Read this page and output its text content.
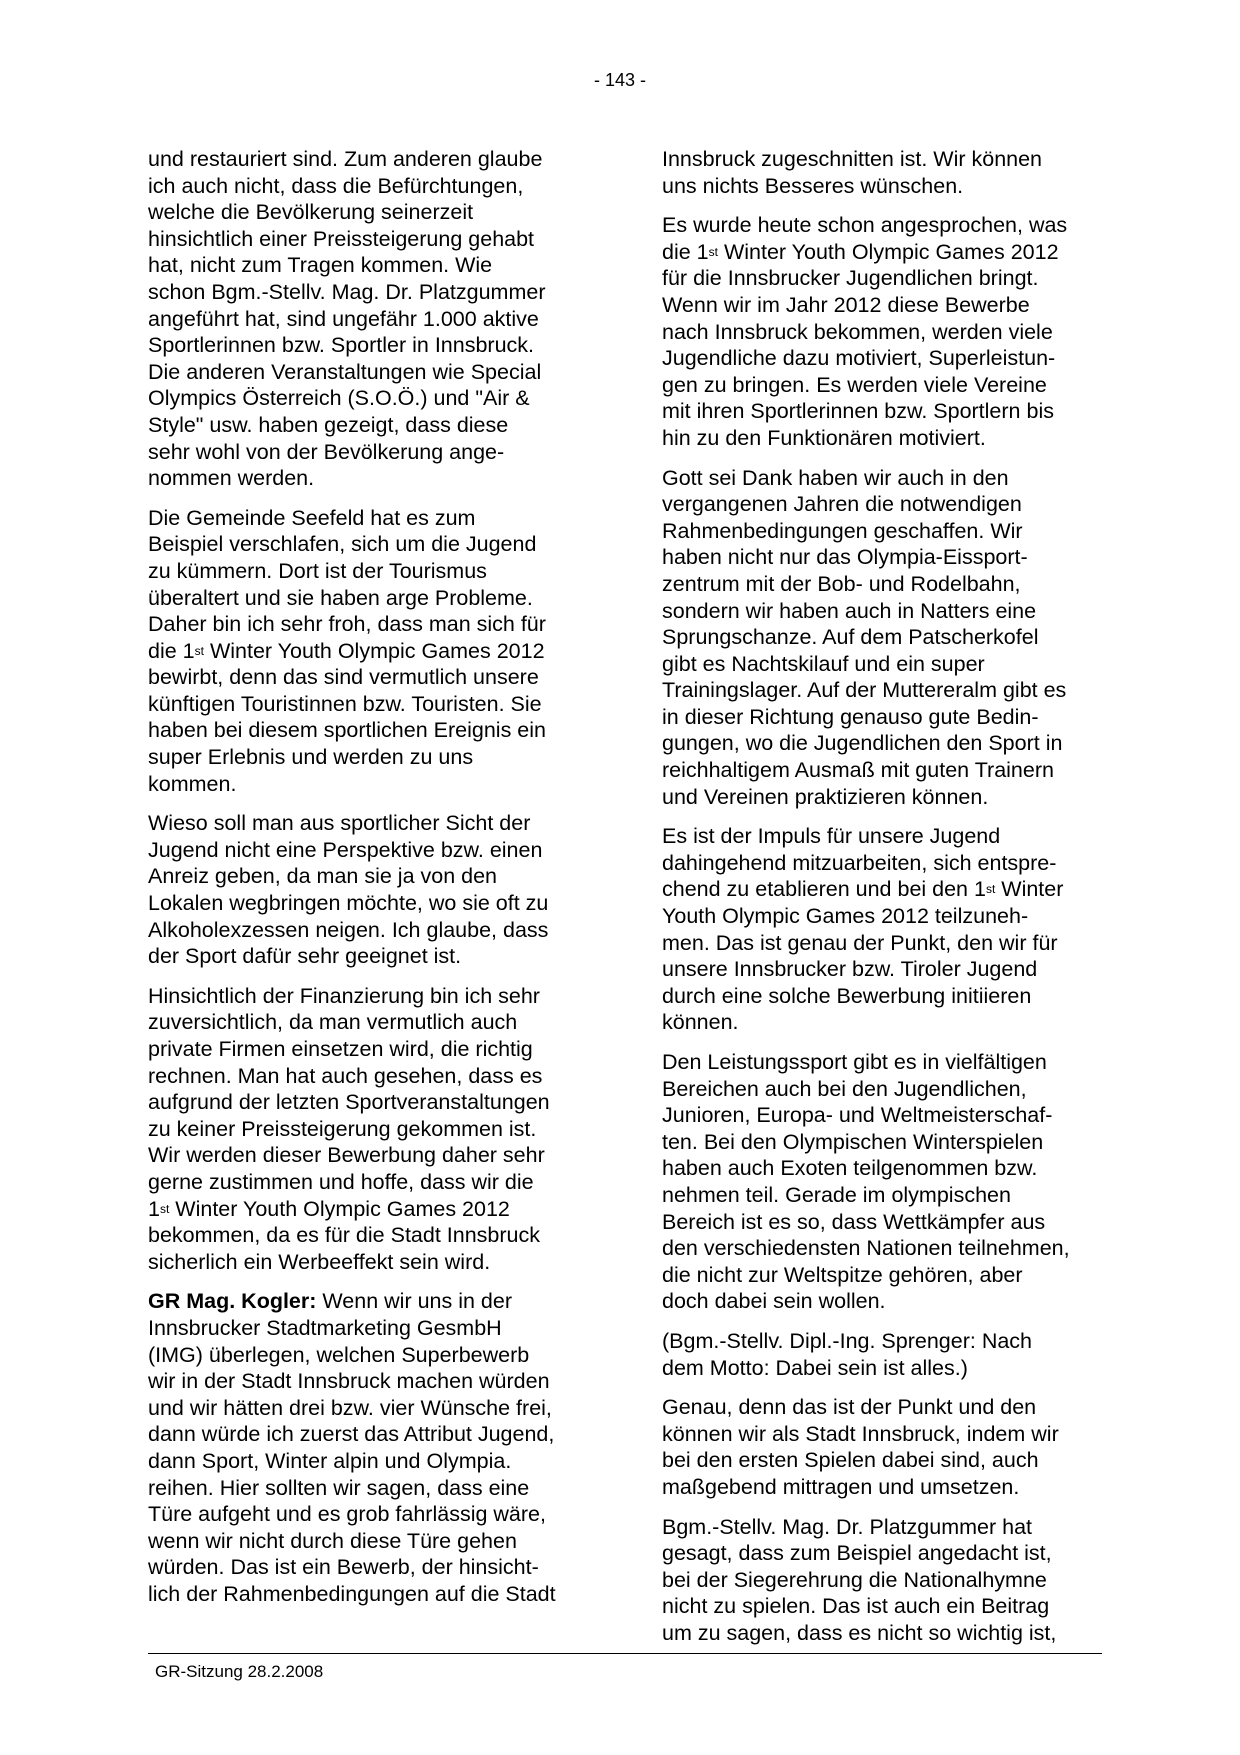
- 143 -

und restauriert sind. Zum anderen glaube
ich auch nicht, dass die Befürchtungen,
welche die Bevölkerung seinerzeit
hinsichtlich einer Preissteigerung gehabt
hat, nicht zum Tragen kommen. Wie
schon Bgm.-Stellv. Mag. Dr. Platzgummer
angeführt hat, sind ungefähr 1.000 aktive
Sportlerinnen bzw. Sportler in Innsbruck.
Die anderen Veranstaltungen wie Special
Olympics Österreich (S.O.Ö.) und "Air &
Style" usw. haben gezeigt, dass diese
sehr wohl von der Bevölkerung ange-
nommen werden.

Die Gemeinde Seefeld hat es zum
Beispiel verschlafen, sich um die Jugend
zu kümmern. Dort ist der Tourismus
überaltert und sie haben arge Probleme.
Daher bin ich sehr froh, dass man sich für
die 1st Winter Youth Olympic Games 2012
bewirbt, denn das sind vermutlich unsere
künftigen Touristinnen bzw. Touristen. Sie
haben bei diesem sportlichen Ereignis ein
super Erlebnis und werden zu uns
kommen.

Wieso soll man aus sportlicher Sicht der
Jugend nicht eine Perspektive bzw. einen
Anreiz geben, da man sie ja von den
Lokalen wegbringen möchte, wo sie oft zu
Alkoholexzessen neigen. Ich glaube, dass
der Sport dafür sehr geeignet ist.

Hinsichtlich der Finanzierung bin ich sehr
zuversichtlich, da man vermutlich auch
private Firmen einsetzen wird, die richtig
rechnen. Man hat auch gesehen, dass es
aufgrund der letzten Sportveranstaltungen
zu keiner Preissteigerung gekommen ist.
Wir werden dieser Bewerbung daher sehr
gerne zustimmen und hoffe, dass wir die
1st Winter Youth Olympic Games 2012
bekommen, da es für die Stadt Innsbruck
sicherlich ein Werbeeffekt sein wird.

GR Mag. Kogler: Wenn wir uns in der
Innsbrucker Stadtmarketing GesmbH
(IMG) überlegen, welchen Superbewerb
wir in der Stadt Innsbruck machen würden
und wir hätten drei bzw. vier Wünsche frei,
dann würde ich zuerst das Attribut Jugend,
dann Sport, Winter alpin und Olympia.
reihen. Hier sollten wir sagen, dass eine
Türe aufgeht und es grob fahrlässig wäre,
wenn wir nicht durch diese Türe gehen
würden. Das ist ein Bewerb, der hinsicht-
lich der Rahmenbedingungen auf die Stadt

Innsbruck zugeschnitten ist. Wir können
uns nichts Besseres wünschen.

Es wurde heute schon angesprochen, was
die 1st Winter Youth Olympic Games 2012
für die Innsbrucker Jugendlichen bringt.
Wenn wir im Jahr 2012 diese Bewerbe
nach Innsbruck bekommen, werden viele
Jugendliche dazu motiviert, Superleistun-
gen zu bringen. Es werden viele Vereine
mit ihren Sportlerinnen bzw. Sportlern bis
hin zu den Funktionären motiviert.

Gott sei Dank haben wir auch in den
vergangenen Jahren die notwendigen
Rahmenbedingungen geschaffen. Wir
haben nicht nur das Olympia-Eissport-
zentrum mit der Bob- und Rodelbahn,
sondern wir haben auch in Natters eine
Sprungschanze. Auf dem Patscherkofel
gibt es Nachtskilauf und ein super
Trainingslager. Auf der Muttereralm gibt es
in dieser Richtung genauso gute Bedin-
gungen, wo die Jugendlichen den Sport in
reichhaltigem Ausmaß mit guten Trainern
und Vereinen praktizieren können.

Es ist der Impuls für unsere Jugend
dahingehend mitzuarbeiten, sich entspre-
chend zu etablieren und bei den 1st Winter
Youth Olympic Games 2012 teilzuneh-
men. Das ist genau der Punkt, den wir für
unsere Innsbrucker bzw. Tiroler Jugend
durch eine solche Bewerbung initiieren
können.

Den Leistungssport gibt es in vielfältigen
Bereichen auch bei den Jugendlichen,
Junioren, Europa- und Weltmeisterschaf-
ten. Bei den Olympischen Winterspielen
haben auch Exoten teilgenommen bzw.
nehmen teil. Gerade im olympischen
Bereich ist es so, dass Wettkämpfer aus
den verschiedensten Nationen teilnehmen,
die nicht zur Weltspitze gehören, aber
doch dabei sein wollen.

(Bgm.-Stellv. Dipl.-Ing. Sprenger: Nach
dem Motto: Dabei sein ist alles.)

Genau, denn das ist der Punkt und den
können wir als Stadt Innsbruck, indem wir
bei den ersten Spielen dabei sind, auch
maßgebend mittragen und umsetzen.

Bgm.-Stellv. Mag. Dr. Platzgummer hat
gesagt, dass zum Beispiel angedacht ist,
bei der Siegerehrung die Nationalhymne
nicht zu spielen. Das ist auch ein Beitrag
um zu sagen, dass es nicht so wichtig ist,

GR-Sitzung 28.2.2008
